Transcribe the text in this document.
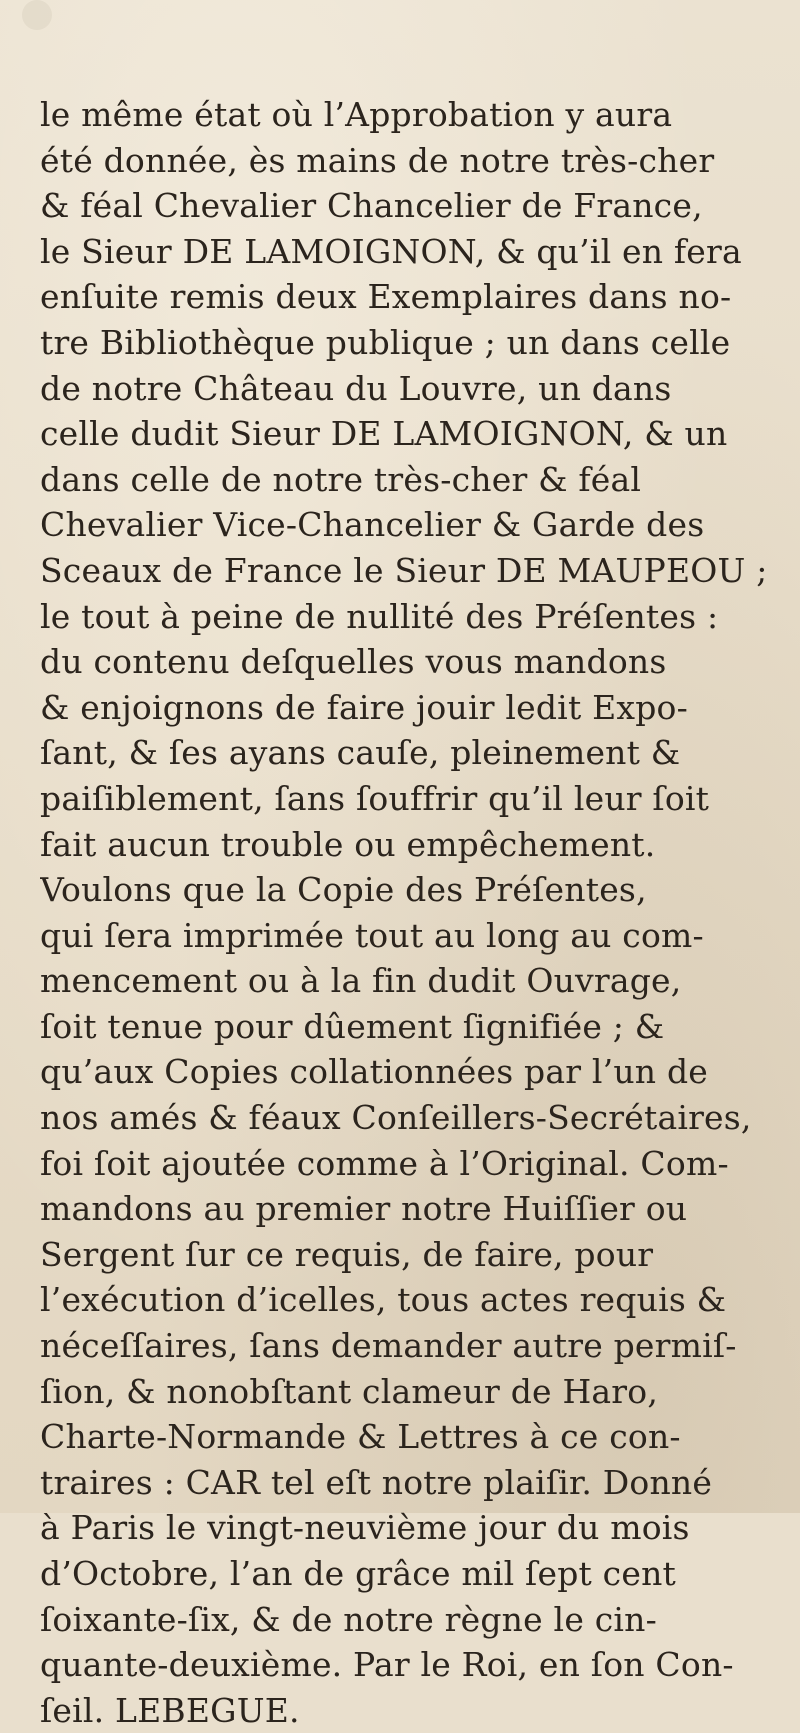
le même état où l’Approbation y aura
été donnée, ès mains de notre très-cher
& féal Chevalier Chancelier de France,
le Sieur DE LAMOIGNON, & qu’il en fera
enſuite remis deux Exemplaires dans no-
tre Bibliothèque publique ; un dans celle
de notre Château du Louvre, un dans
celle dudit Sieur DE LAMOIGNON, & un
dans celle de notre très-cher & féal
Chevalier Vice-Chancelier & Garde des
Sceaux de France le Sieur DE MAUPEOU ;
le tout à peine de nullité des Préſentes :
du contenu deſquelles vous mandons
& enjoignons de faire jouir ledit Expo-
ſant, & ſes ayans cauſe, pleinement &
paiſiblement, ſans ſouffrir qu’il leur ſoit
fait aucun trouble ou empêchement.
Voulons que la Copie des Préſentes,
qui ſera imprimée tout au long au com-
mencement ou à la fin dudit Ouvrage,
ſoit tenue pour dûement ſignifiée ; &
qu’aux Copies collationnées par l’un de
nos amés & féaux Conſeillers-Secrétaires,
foi ſoit ajoutée comme à l’Original. Com-
mandons au premier notre Huiſſier ou
Sergent ſur ce requis, de faire, pour
l’exécution d’icelles, tous actes requis &
néceſſaires, ſans demander autre permiſ-
ſion, & nonobſtant clameur de Haro,
Charte-Normande & Lettres à ce con-
traires : CAR tel eſt notre plaiſir. Donné
à Paris le vingt-neuvième jour du mois
d’Octobre, l’an de grâce mil ſept cent
ſoixante-ſix, & de notre règne le cin-
quante-deuxième. Par le Roi, en ſon Con-
ſeil. LEBEGUE.
